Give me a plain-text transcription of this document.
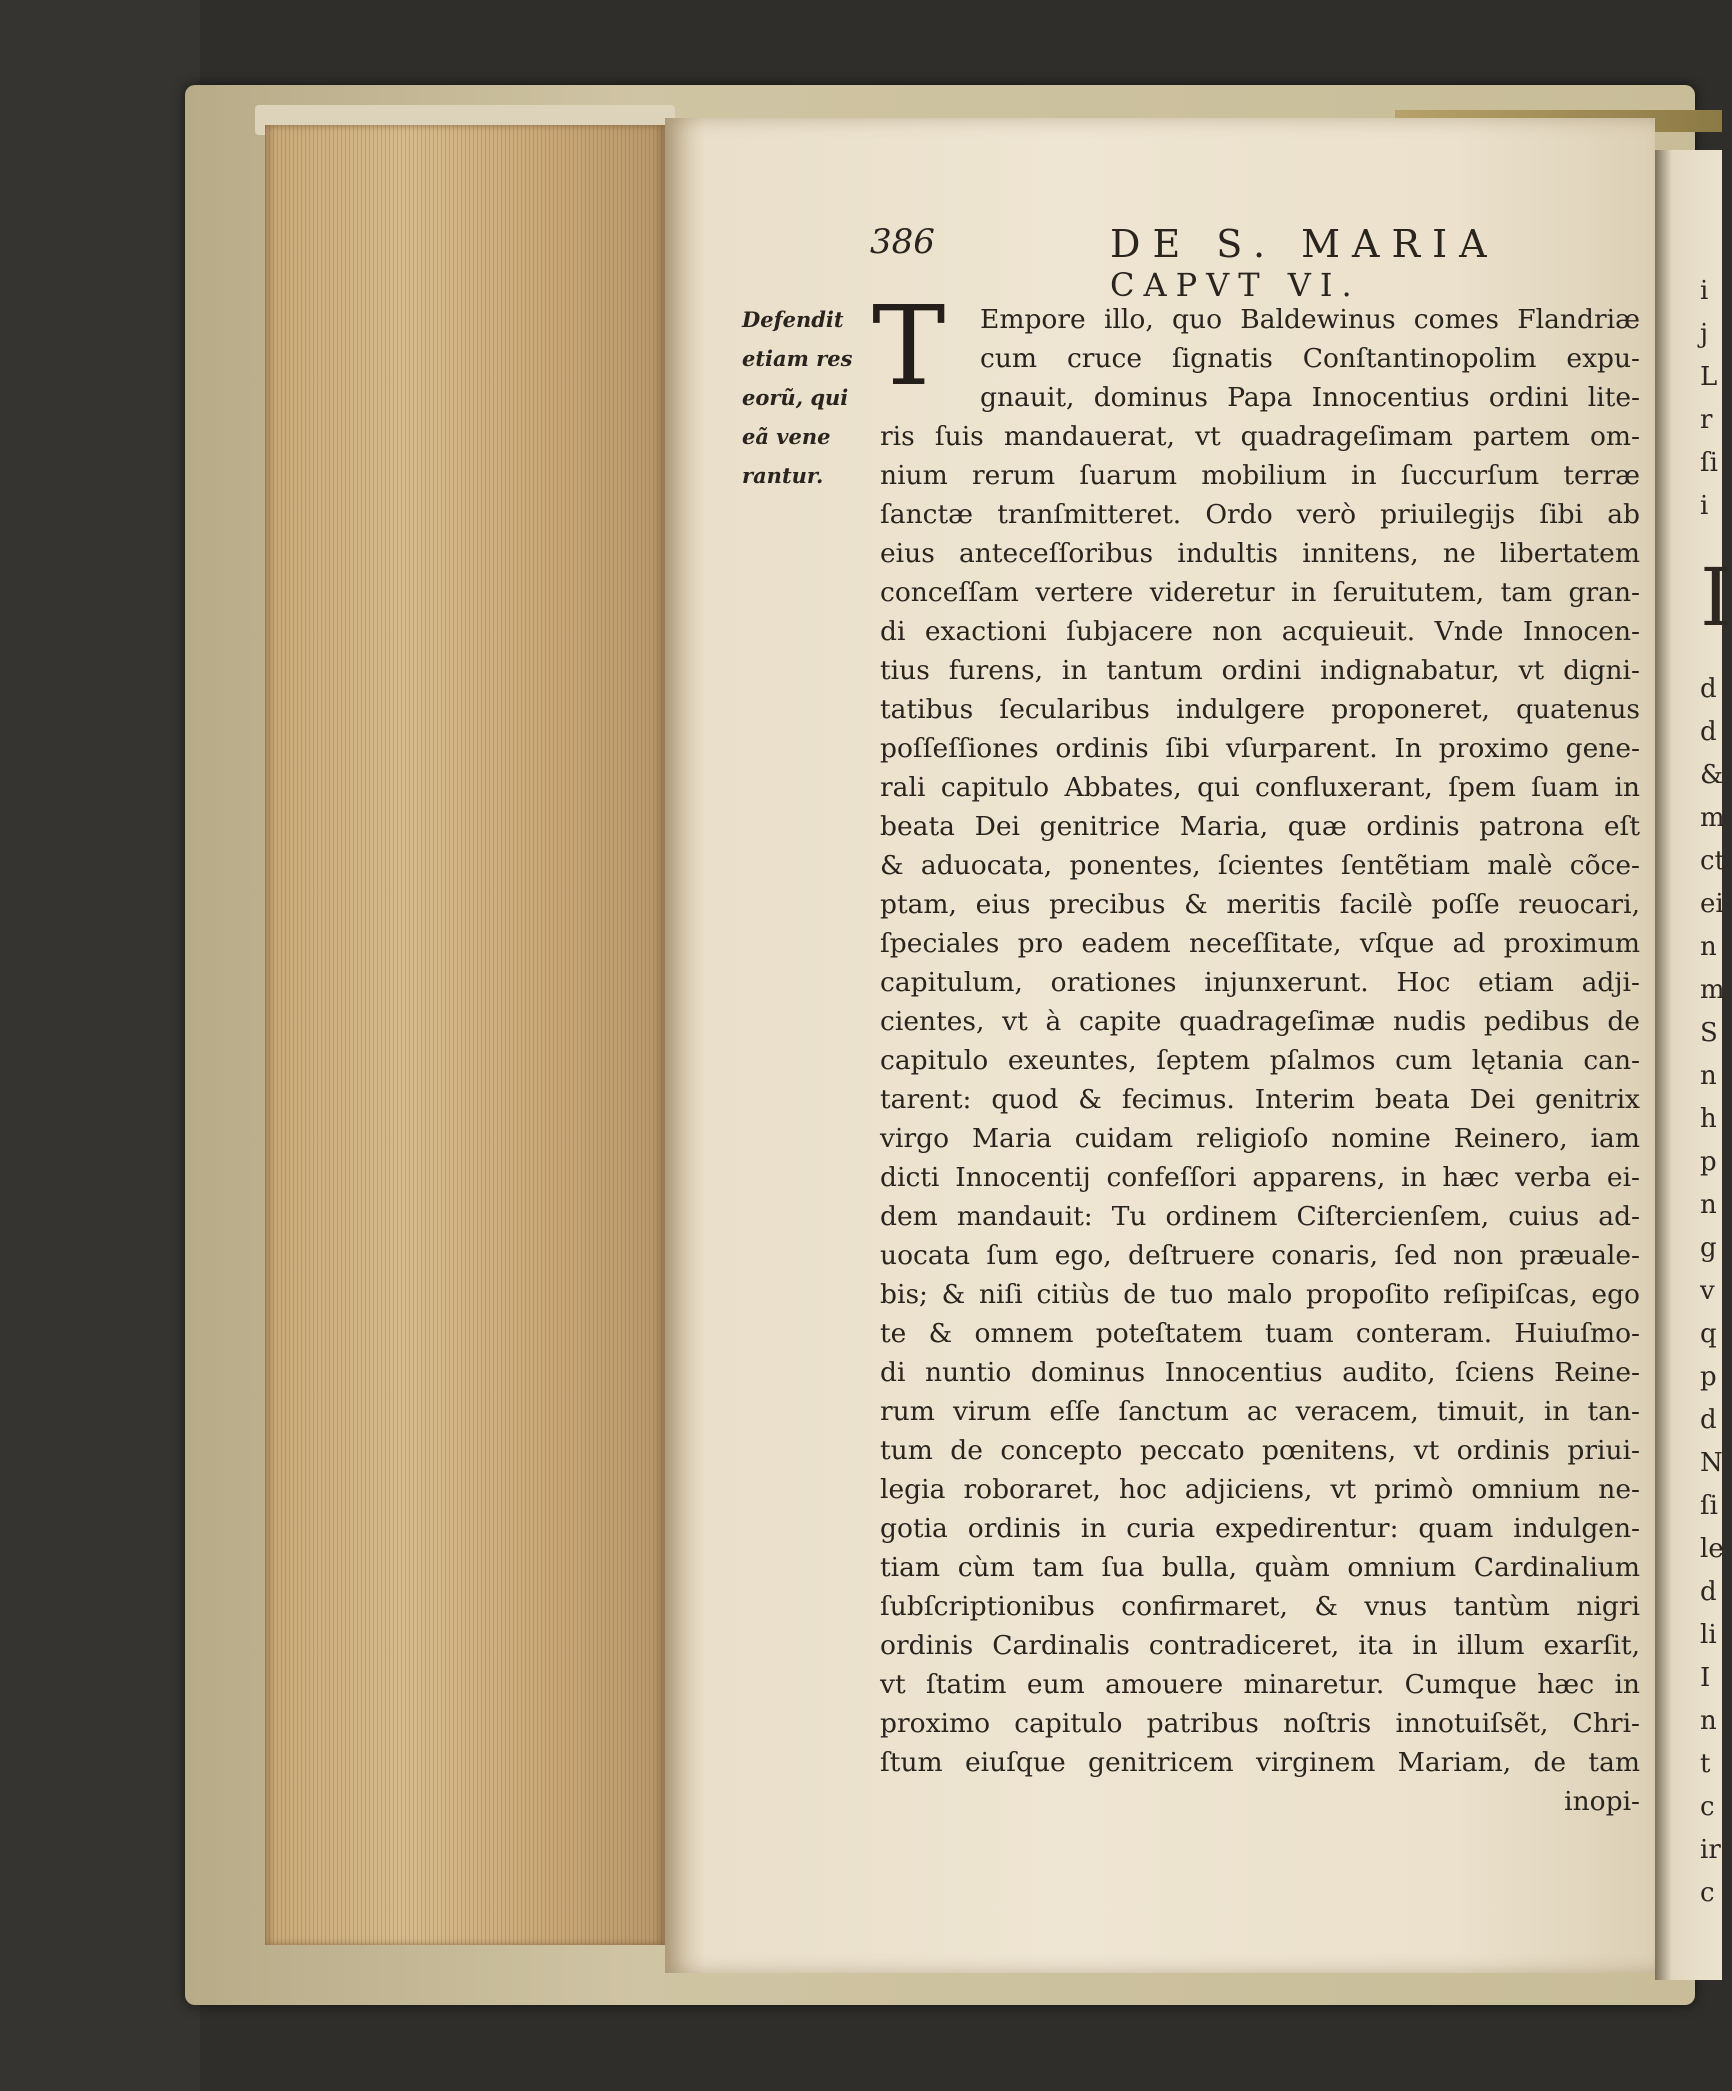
i
j
L
r
ſi
i
I
d
d
&
m
ct
ei
n
m
S
n
h
p
n
g
v
q
p
d
N
ſi
le
d
li
I
n
t
c
ir
c
386	DE S. MARIA
CAPVT VI.
T
Defendit
etiam res
eorũ, qui
eã vene
rantur.
Empore illo, quo Baldewinus comes Flandriæ
cum cruce ſignatis Conſtantinopolim expu-
gnauit, dominus Papa Innocentius ordini lite-
ris ſuis mandauerat, vt quadrageſimam partem om-
nium rerum ſuarum mobilium in ſuccurſum terræ
ſanctæ tranſmitteret. Ordo verò priuilegijs ſibi ab
eius anteceſſoribus indultis innitens, ne libertatem
conceſſam vertere videretur in ſeruitutem, tam gran-
di exactioni ſubjacere non acquieuit. Vnde Innocen-
tius furens, in tantum ordini indignabatur, vt digni-
tatibus ſecularibus indulgere proponeret, quatenus
poſſeſſiones ordinis ſibi vſurparent. In proximo gene-
rali capitulo Abbates, qui confluxerant, ſpem ſuam in
beata Dei genitrice Maria, quæ ordinis patrona eſt
& aduocata, ponentes, ſcientes ſentẽtiam malè cõce-
ptam, eius precibus & meritis facilè poſſe reuocari,
ſpeciales pro eadem neceſſitate, vſque ad proximum
capitulum, orationes injunxerunt. Hoc etiam adji-
cientes, vt à capite quadrageſimæ nudis pedibus de
capitulo exeuntes, ſeptem pſalmos cum lętania can-
tarent: quod & fecimus. Interim beata Dei genitrix
virgo Maria cuidam religioſo nomine Reinero, iam
dicti Innocentij confeſſori apparens, in hæc verba ei-
dem mandauit: Tu ordinem Ciſtercienſem, cuius ad-
uocata ſum ego, deſtruere conaris, ſed non præuale-
bis; & niſi citiùs de tuo malo propoſito reſipiſcas, ego
te & omnem poteſtatem tuam conteram. Huiuſmo-
di nuntio dominus Innocentius audito, ſciens Reine-
rum virum eſſe ſanctum ac veracem, timuit, in tan-
tum de concepto peccato pœnitens, vt ordinis priui-
legia roboraret, hoc adjiciens, vt primò omnium ne-
gotia ordinis in curia expedirentur: quam indulgen-
tiam cùm tam ſua bulla, quàm omnium Cardinalium
ſubſcriptionibus confirmaret, & vnus tantùm nigri
ordinis Cardinalis contradiceret, ita in illum exarſit,
vt ſtatim eum amouere minaretur. Cumque hæc in
proximo capitulo patribus noſtris innotuiſsẽt, Chri-
ſtum eiuſque genitricem virginem Mariam, de tam
inopi-
